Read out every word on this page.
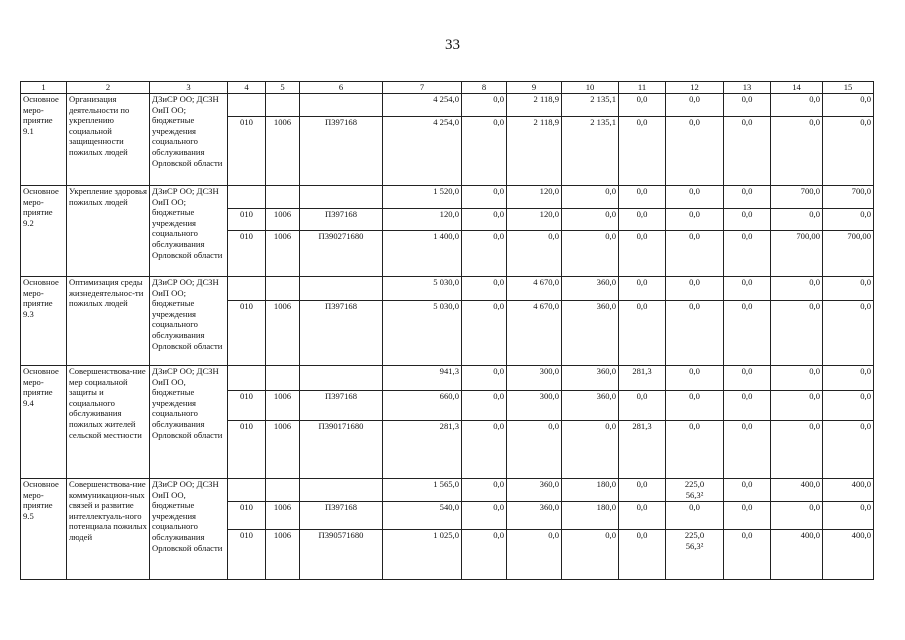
33
1	2	3	4	5	6	7	8	9	10	11	12	13	14	15
Основное меро-приятие 9.1	Организация деятельности по укреплению социальной защищенности пожилых людей	ДЗиСР ОО; ДСЗН ОиП ОО; бюджетные учреждения социального обслуживания Орловской области				4 254,0	0,0	2 118,9	2 135,1	0,0	0,0	0,0	0,0	0,0

			010	1006	П397168	4 254,0	0,0	2 118,9	2 135,1	0,0	0,0	0,0	0,0	0,0

Основное меро-приятие 9.2	Укрепление здоровья пожилых людей	ДЗиСР ОО; ДСЗН ОиП ОО; бюджетные учреждения социального обслуживания Орловской области				1 520,0	0,0	120,0	0,0	0,0	0,0	0,0	700,0	700,0

			010	1006	П397168	120,0	0,0	120,0	0,0	0,0	0,0	0,0	0,0	0,0

			010	1006	П390271680	1 400,0	0,0	0,0	0,0	0,0	0,0	0,0	700,00	700,00

Основное меро-приятие 9.3	Оптимизация среды жизнедеятельнос-ти пожилых людей	ДЗиСР ОО; ДСЗН ОиП ОО; бюджетные учреждения социального обслуживания Орловской области				5 030,0	0,0	4 670,0	360,0	0,0	0,0	0,0	0,0	0,0

			010	1006	П397168	5 030,0	0,0	4 670,0	360,0	0,0	0,0	0,0	0,0	0,0

Основное меро-приятие 9.4	Совершенствова-ние мер социальной защиты и социального обслуживания пожилых жителей сельской местности	ДЗиСР ОО; ДСЗН ОиП ОО, бюджетные учреждения социального обслуживания Орловской области				941,3	0,0	300,0	360,0	281,3	0,0	0,0	0,0	0,0

			010	1006	П397168	660,0	0,0	300,0	360,0	0,0	0,0	0,0	0,0	0,0

			010	1006	П390171680	281,3	0,0	0,0	0,0	281,3	0,0	0,0	0,0	0,0

Основное меро-приятие 9.5	Совершенствова-ние коммуникацион-ных связей и развитие интеллектуаль-ного потенциала пожилых людей	ДЗиСР ОО; ДСЗН ОиП ОО, бюджетные учреждения социального обслуживания Орловской области				1 565,0	0,0	360,0	180,0	0,0	225,0
56,3²	0,0	400,0	400,0

			010	1006	П397168	540,0	0,0	360,0	180,0	0,0	0,0	0,0	0,0	0,0

			010	1006	П390571680	1 025,0	0,0	0,0	0,0	0,0	225,0
56,3²	0,0	400,0	400,0
